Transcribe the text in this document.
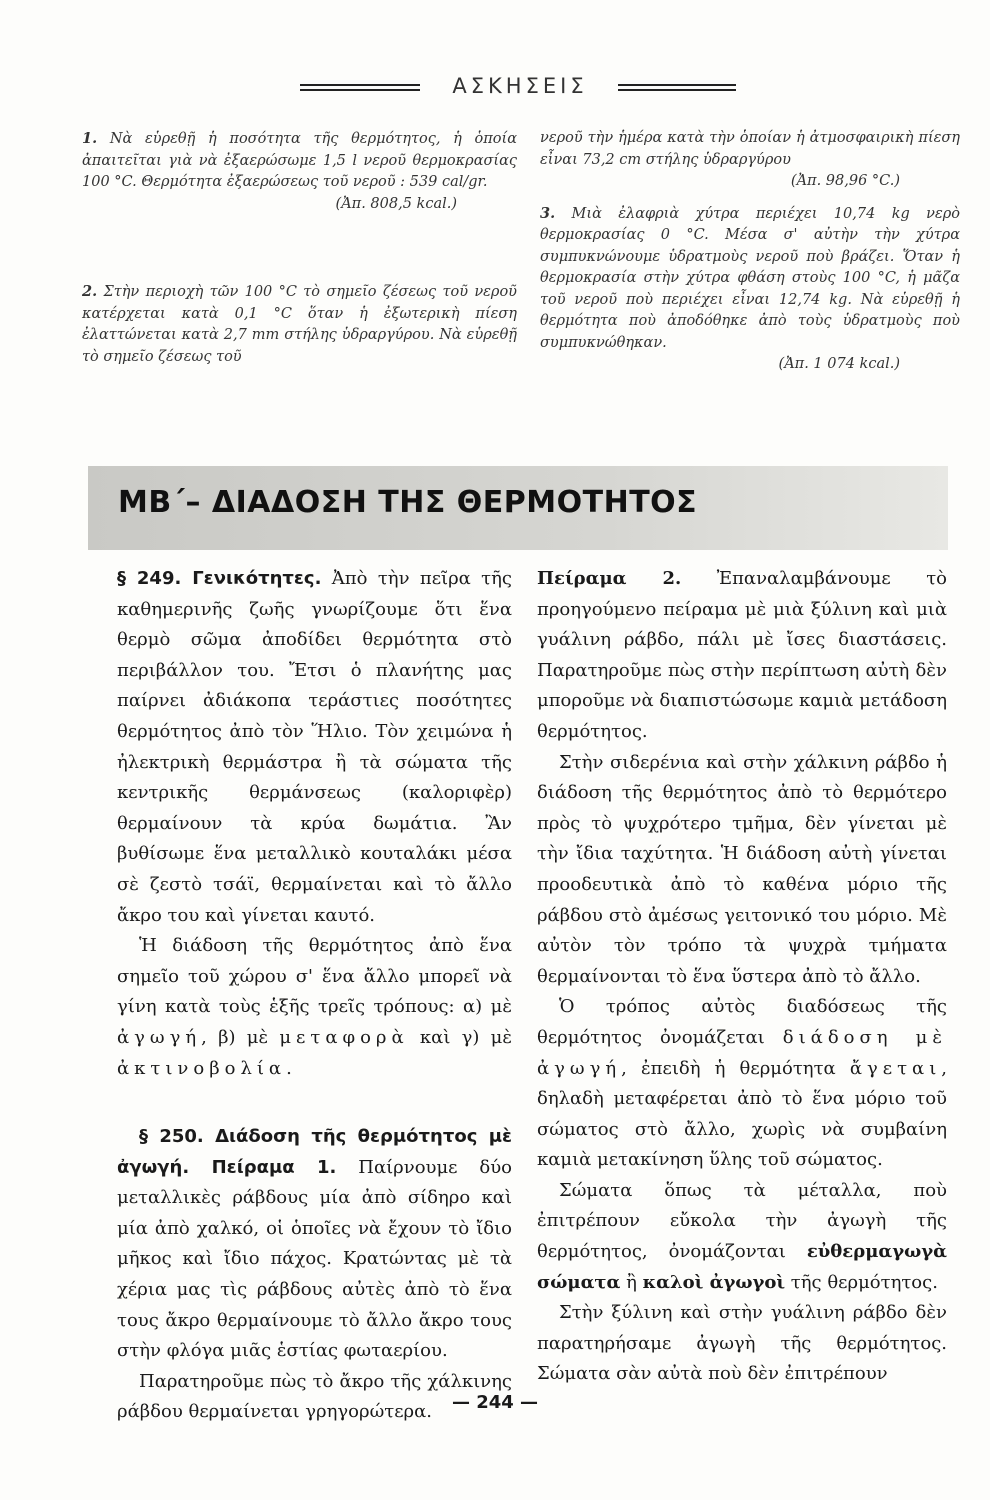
ΑΣΚΗΣΕΙΣ

1. Νὰ εὑρεθῇ ἡ ποσότητα τῆς θερμότητος, ἡ ὁποία ἀπαιτεῖται γιὰ νὰ ἐξαερώσωμε 1,5 l νεροῦ θερμοκρασίας 100 °C. Θερμότητα ἐξαερώσεως τοῦ νεροῦ : 539 cal/gr.

(Ἀπ. 808,5 kcal.)

2. Στὴν περιοχὴ τῶν 100 °C τὸ σημεῖο ζέσεως τοῦ νεροῦ κατέρχεται κατὰ 0,1 °C ὅταν ἡ ἐξωτερικὴ πίεση ἐλαττώνεται κατὰ 2,7 mm στήλης ὑδραργύρου. Νὰ εὑρεθῇ τὸ σημεῖο ζέσεως τοῦ

νεροῦ τὴν ἡμέρα κατὰ τὴν ὁποίαν ἡ ἀτμοσφαιρικὴ πίεση εἶναι 73,2 cm στήλης ὑδραργύρου

(Ἀπ. 98,96 °C.)

3. Μιὰ ἐλαφριὰ χύτρα περιέχει 10,74 kg νερὸ θερμοκρασίας 0 °C. Μέσα σ' αὐτὴν τὴν χύτρα συμπυκνώνουμε ὑδρατμοὺς νεροῦ ποὺ βράζει. Ὅταν ἡ θερμοκρασία στὴν χύτρα φθάση στοὺς 100 °C, ἡ μᾶζα τοῦ νεροῦ ποὺ περιέχει εἶναι 12,74 kg. Νὰ εὑρεθῇ ἡ θερμότητα ποὺ ἀποδόθηκε ἀπὸ τοὺς ὑδρατμοὺς ποὺ συμπυκνώθηκαν.

(Ἀπ. 1 074 kcal.)
ΜΒ΄– ΔΙΑΔΟΣΗ ΤΗΣ ΘΕΡΜΟΤΗΤΟΣ

§ 249. Γενικότητες. Ἀπὸ τὴν πεῖρα τῆς καθημερινῆς ζωῆς γνωρίζουμε ὅτι ἕνα θερμὸ σῶμα ἀποδίδει θερμότητα στὸ περιβάλλον του. Ἔτσι ὁ πλανήτης μας παίρνει ἀδιάκοπα τεράστιες ποσότητες θερμότητος ἀπὸ τὸν Ἥλιο. Τὸν χειμώνα ἡ ἠλεκτρικὴ θερμάστρα ἢ τὰ σώματα τῆς κεντρικῆς θερμάνσεως (καλοριφὲρ) θερμαίνουν τὰ κρύα δωμάτια. Ἂν βυθίσωμε ἕνα μεταλλικὸ κουταλάκι μέσα σὲ ζεστὸ τσάϊ, θερμαίνεται καὶ τὸ ἄλλο ἄκρο του καὶ γίνεται καυτό.

Ἡ διάδοση τῆς θερμότητος ἀπὸ ἕνα σημεῖο τοῦ χώρου σ' ἕνα ἄλλο μπορεῖ νὰ γίνη κατὰ τοὺς ἑξῆς τρεῖς τρόπους: α) μὲ ἀγωγή, β) μὲ μεταφορὰ καὶ γ) μὲ ἀκτινοβολία.

§ 250. Διάδοση τῆς θερμότητος μὲ ἀγωγή. Πείραμα 1. Παίρνουμε δύο μεταλλικὲς ράβδους μία ἀπὸ σίδηρο καὶ μία ἀπὸ χαλκό, οἱ ὁποῖες νὰ ἔχουν τὸ ἴδιο μῆκος καὶ ἴδιο πάχος. Κρατώντας μὲ τὰ χέρια μας τὶς ράβδους αὐτὲς ἀπὸ τὸ ἕνα τους ἄκρο θερμαίνουμε τὸ ἄλλο ἄκρο τους στὴν φλόγα μιᾶς ἑστίας φωταερίου.

Παρατηροῦμε πὼς τὸ ἄκρο τῆς χάλκινης ράβδου θερμαίνεται γρηγορώτερα.

Πείραμα 2. Ἐπαναλαμβάνουμε τὸ προηγούμενο πείραμα μὲ μιὰ ξύλινη καὶ μιὰ γυάλινη ράβδο, πάλι μὲ ἴσες διαστάσεις. Παρατηροῦμε πὼς στὴν περίπτωση αὐτὴ δὲν μποροῦμε νὰ διαπιστώσωμε καμιὰ μετάδοση θερμότητος.

Στὴν σιδερένια καὶ στὴν χάλκινη ράβδο ἡ διάδοση τῆς θερμότητος ἀπὸ τὸ θερμότερο πρὸς τὸ ψυχρότερο τμῆμα, δὲν γίνεται μὲ τὴν ἴδια ταχύτητα. Ἡ διάδοση αὐτὴ γίνεται προοδευτικὰ ἀπὸ τὸ καθένα μόριο τῆς ράβδου στὸ ἀμέσως γειτονικό του μόριο. Μὲ αὐτὸν τὸν τρόπο τὰ ψυχρὰ τμήματα θερμαίνονται τὸ ἕνα ὕστερα ἀπὸ τὸ ἄλλο.

Ὁ τρόπος αὐτὸς διαδόσεως τῆς θερμότητος ὀνομάζεται διάδοση μὲ ἀγωγή, ἐπειδὴ ἡ θερμότητα ἄγεται, δηλαδὴ μεταφέρεται ἀπὸ τὸ ἕνα μόριο τοῦ σώματος στὸ ἄλλο, χωρὶς νὰ συμβαίνη καμιὰ μετακίνηση ὕλης τοῦ σώματος.

Σώματα ὅπως τὰ μέταλλα, ποὺ ἐπιτρέπουν εὔκολα τὴν ἀγωγὴ τῆς θερμότητος, ὀνομάζονται εὐθερμαγωγὰ σώματα ἢ καλοὶ ἀγωγοὶ τῆς θερμότητος.

Στὴν ξύλινη καὶ στὴν γυάλινη ράβδο δὲν παρατηρήσαμε ἀγωγὴ τῆς θερμότητος. Σώματα σὰν αὐτὰ ποὺ δὲν ἐπιτρέπουν

— 244 —
